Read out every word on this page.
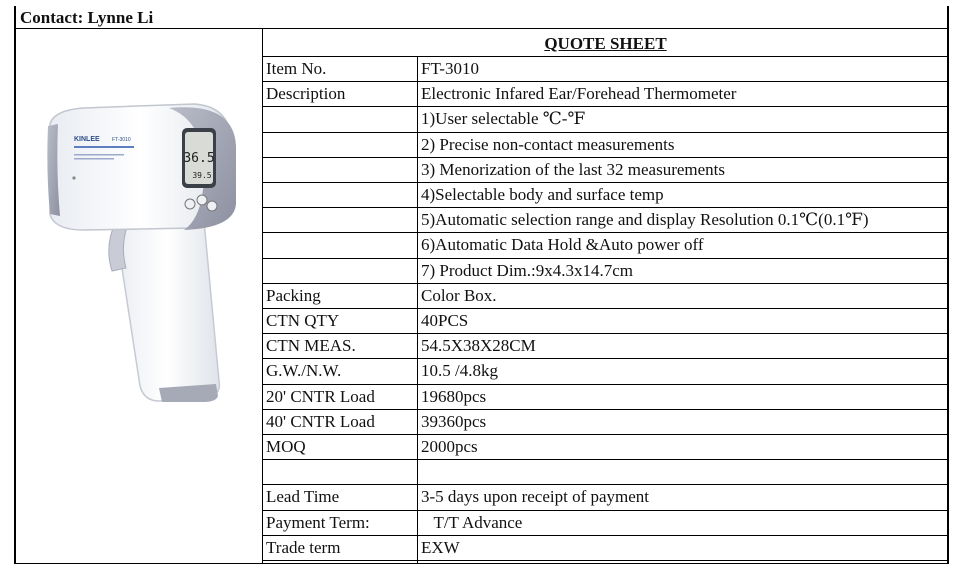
Contact: Lynne Li
QUOTE SHEET
36.5
39.5
KINLEE FT-3010
Item No.	FT-3010
Description	Electronic Infared Ear/Forehead Thermometer
1)User selectable ℃-℉
2) Precise non-contact measurements
3) Menorization of the last 32 measurements
4)Selectable body and surface temp
5)Automatic selection range and display Resolution 0.1℃(0.1℉)
6)Automatic Data Hold &Auto power off
7) Product Dim.:9x4.3x14.7cm
Packing	Color Box.
CTN QTY	40PCS
CTN MEAS.	54.5X38X28CM
G.W./N.W.	10.5 /4.8kg
20' CNTR Load	19680pcs
40' CNTR Load	39360pcs
MOQ	2000pcs
Lead Time	3-5 days upon receipt of payment
Payment Term:	T/T Advance
Trade term	EXW
